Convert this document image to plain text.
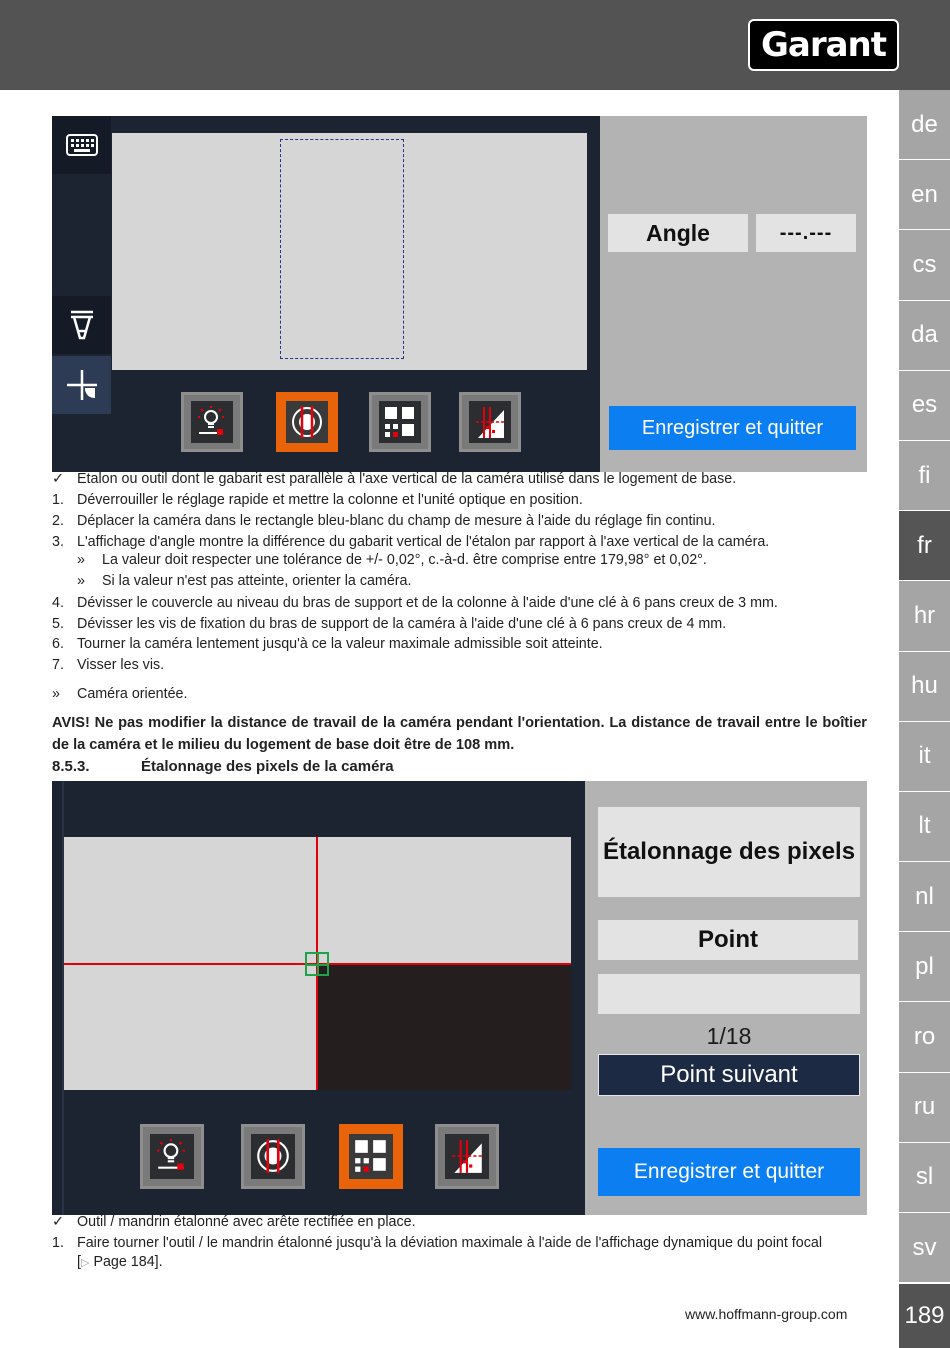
Garant
de
en
cs
da
es
fi
fr
hr
hu
it
lt
nl
pl
ro
ru
sl
sv
189
Angle	---.---
Enregistrer et quitter
✓ Etalon ou outil dont le gabarit est parallèle à l'axe vertical de la caméra utilisé dans le logement de base.
1. Déverrouiller le réglage rapide et mettre la colonne et l'unité optique en position.
2. Déplacer la caméra dans le rectangle bleu-blanc du champ de mesure à l'aide du réglage fin continu.
3. L'affichage d'angle montre la différence du gabarit vertical de l'étalon par rapport à l'axe vertical de la caméra.
» La valeur doit respecter une tolérance de +/- 0,02°, c.-à-d. être comprise entre 179,98° et 0,02°.
» Si la valeur n'est pas atteinte, orienter la caméra.
4. Dévisser le couvercle au niveau du bras de support et de la colonne à l'aide d'une clé à 6 pans creux de 3 mm.
5. Dévisser les vis de fixation du bras de support de la caméra à l'aide d'une clé à 6 pans creux de 4 mm.
6. Tourner la caméra lentement jusqu'à ce la valeur maximale admissible soit atteinte.
7. Visser les vis.
» Caméra orientée.
AVIS! Ne pas modifier la distance de travail de la caméra pendant l'orientation. La distance de travail entre le boîtier de la caméra et le milieu du logement de base doit être de 108 mm.
8.5.3.	Étalonnage des pixels de la caméra
Étalonnage des pixels
Point
1/18
Point suivant
Enregistrer et quitter
✓ Outil / mandrin étalonné avec arête rectifiée en place.
1. Faire tourner l'outil / le mandrin étalonné jusqu'à la déviation maximale à l'aide de l'affichage dynamique du point focal
[▷ Page 184].
www.hoffmann-group.com
